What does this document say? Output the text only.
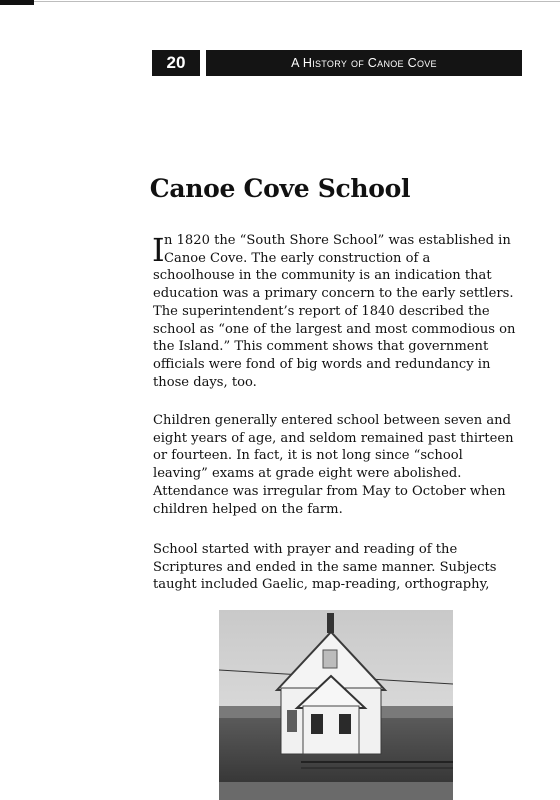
20	A History of Canoe Cove
Canoe Cove School
I n 1820 the “South Shore School” was established in
Canoe Cove. The early construction of a
schoolhouse in the community is an indication that
education was a primary concern to the early settlers.
The superintendent’s report of 1840 described the
school as “one of the largest and most commodious on
the Island.” This comment shows that government
officials were fond of big words and redundancy in
those days, too.
Children generally entered school between seven and
eight years of age, and seldom remained past thirteen
or fourteen. In fact, it is not long since “school
leaving” exams at grade eight were abolished.
Attendance was irregular from May to October when
children helped on the farm.
School started with prayer and reading of the
Scriptures and ended in the same manner. Subjects
taught included Gaelic, map-reading, orthography,
